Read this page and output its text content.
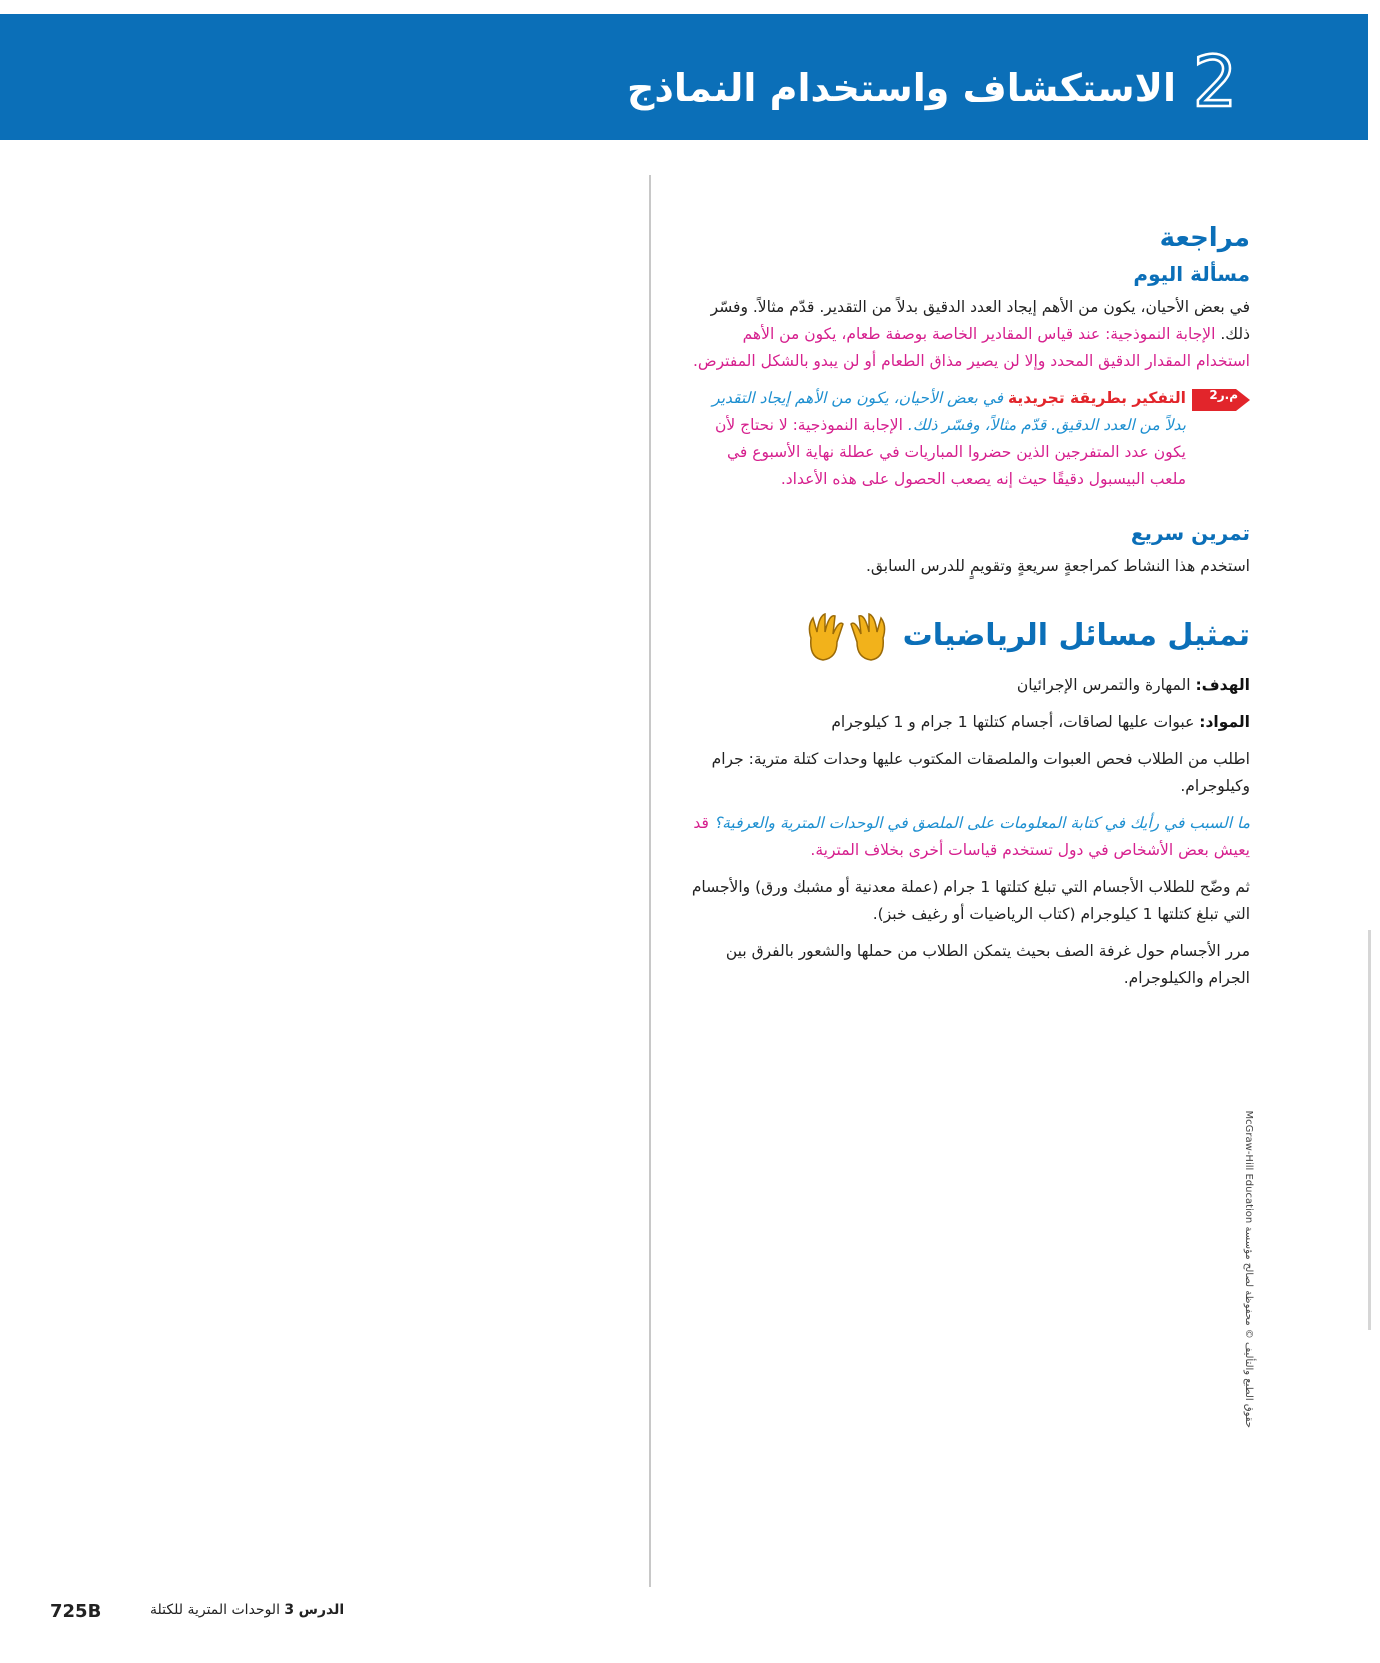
الاستكشاف واستخدام النماذج 2
مراجعة
مسألة اليوم

في بعض الأحيان، يكون من الأهم إيجاد العدد الدقيق بدلاً من التقدير. قدّم مثالاً. وفسّر ذلك. الإجابة النموذجية: عند قياس المقادير الخاصة بوصفة طعام، يكون من الأهم استخدام المقدار الدقيق المحدد وإلا لن يصير مذاق الطعام أو لن يبدو بالشكل المفترض.

م.ر2

التفكير بطريقة تجريدية في بعض الأحيان، يكون من الأهم إيجاد التقدير بدلاً من العدد الدقيق. قدّم مثالاً، وفسّر ذلك. الإجابة النموذجية: لا نحتاج لأن يكون عدد المتفرجين الذين حضروا المباريات في عطلة نهاية الأسبوع في ملعب البيسبول دقيقًا حيث إنه يصعب الحصول على هذه الأعداد.

تمرين سريع

استخدم هذا النشاط كمراجعةٍ سريعةٍ وتقويمٍ للدرس السابق.

تمثيل مسائل الرياضيات

الهدف: المهارة والتمرس الإجرائيان

المواد: عبوات عليها لصاقات، أجسام كتلتها 1 جرام و 1 كيلوجرام

اطلب من الطلاب فحص العبوات والملصقات المكتوب عليها وحدات كتلة مترية: جرام وكيلوجرام.

ما السبب في رأيك في كتابة المعلومات على الملصق في الوحدات المترية والعرفية؟ قد يعيش بعض الأشخاص في دول تستخدم قياسات أخرى بخلاف المترية.

ثم وضّح للطلاب الأجسام التي تبلغ كتلتها 1 جرام (عملة معدنية أو مشبك ورق) والأجسام التي تبلغ كتلتها 1 كيلوجرام (كتاب الرياضيات أو رغيف خبز).

مرر الأجسام حول غرفة الصف بحيث يتمكن الطلاب من حملها والشعور بالفرق بين الجرام والكيلوجرام.

حقوق الطبع والتأليف © محفوظة لصالح مؤسسة McGraw-Hill Education
725B	الدرس 3 الوحدات المترية للكتلة
